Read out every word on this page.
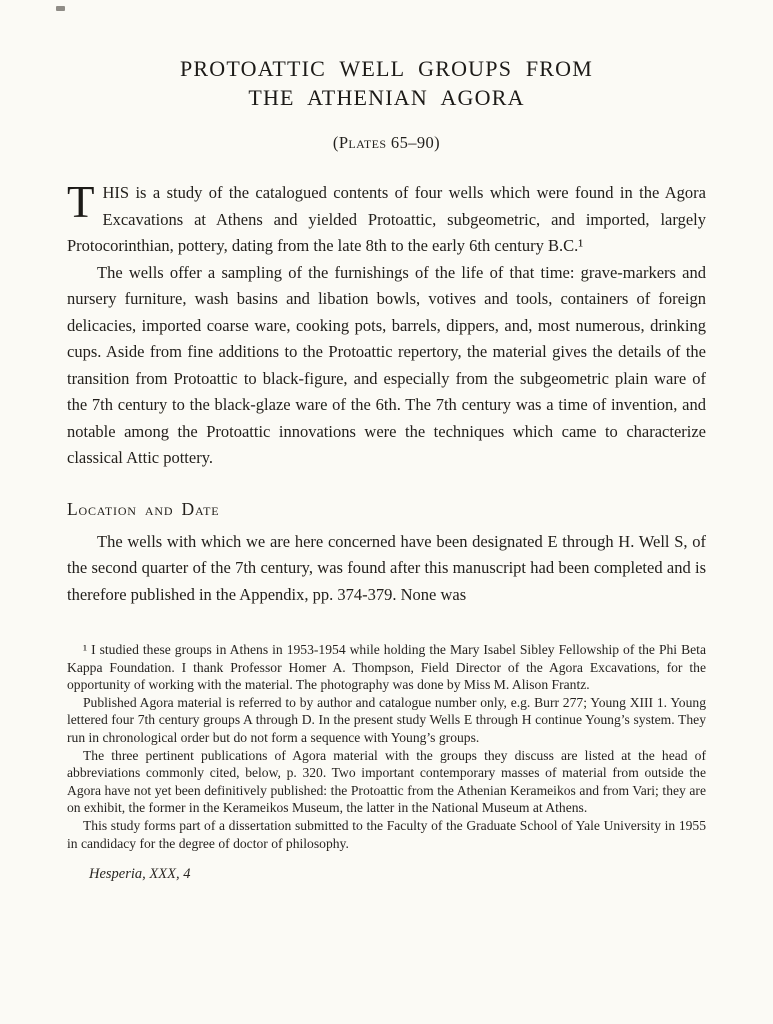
PROTOATTIC WELL GROUPS FROM
THE ATHENIAN AGORA
(Plates 65–90)

T HIS is a study of the catalogued contents of four wells which were found in the Agora Excavations at Athens and yielded Protoattic, subgeometric, and imported, largely Protocorinthian, pottery, dating from the late 8th to the early 6th century B.C.¹

The wells offer a sampling of the furnishings of the life of that time: grave-markers and nursery furniture, wash basins and libation bowls, votives and tools, containers of foreign delicacies, imported coarse ware, cooking pots, barrels, dippers, and, most numerous, drinking cups. Aside from fine additions to the Protoattic repertory, the material gives the details of the transition from Protoattic to black-figure, and especially from the subgeometric plain ware of the 7th century to the black-glaze ware of the 6th. The 7th century was a time of invention, and notable among the Protoattic innovations were the techniques which came to characterize classical Attic pottery.

Location and Date

The wells with which we are here concerned have been designated E through H. Well S, of the second quarter of the 7th century, was found after this manuscript had been completed and is therefore published in the Appendix, pp. 374-379. None was

¹ I studied these groups in Athens in 1953-1954 while holding the Mary Isabel Sibley Fellowship of the Phi Beta Kappa Foundation. I thank Professor Homer A. Thompson, Field Director of the Agora Excavations, for the opportunity of working with the material. The photography was done by Miss M. Alison Frantz.

Published Agora material is referred to by author and catalogue number only, e.g. Burr 277; Young XIII 1. Young lettered four 7th century groups A through D. In the present study Wells E through H continue Young’s system. They run in chronological order but do not form a sequence with Young’s groups.

The three pertinent publications of Agora material with the groups they discuss are listed at the head of abbreviations commonly cited, below, p. 320. Two important contemporary masses of material from outside the Agora have not yet been definitively published: the Protoattic from the Athenian Kerameikos and from Vari; they are on exhibit, the former in the Kerameikos Museum, the latter in the National Museum at Athens.

This study forms part of a dissertation submitted to the Faculty of the Graduate School of Yale University in 1955 in candidacy for the degree of doctor of philosophy.

Hesperia, XXX, 4
